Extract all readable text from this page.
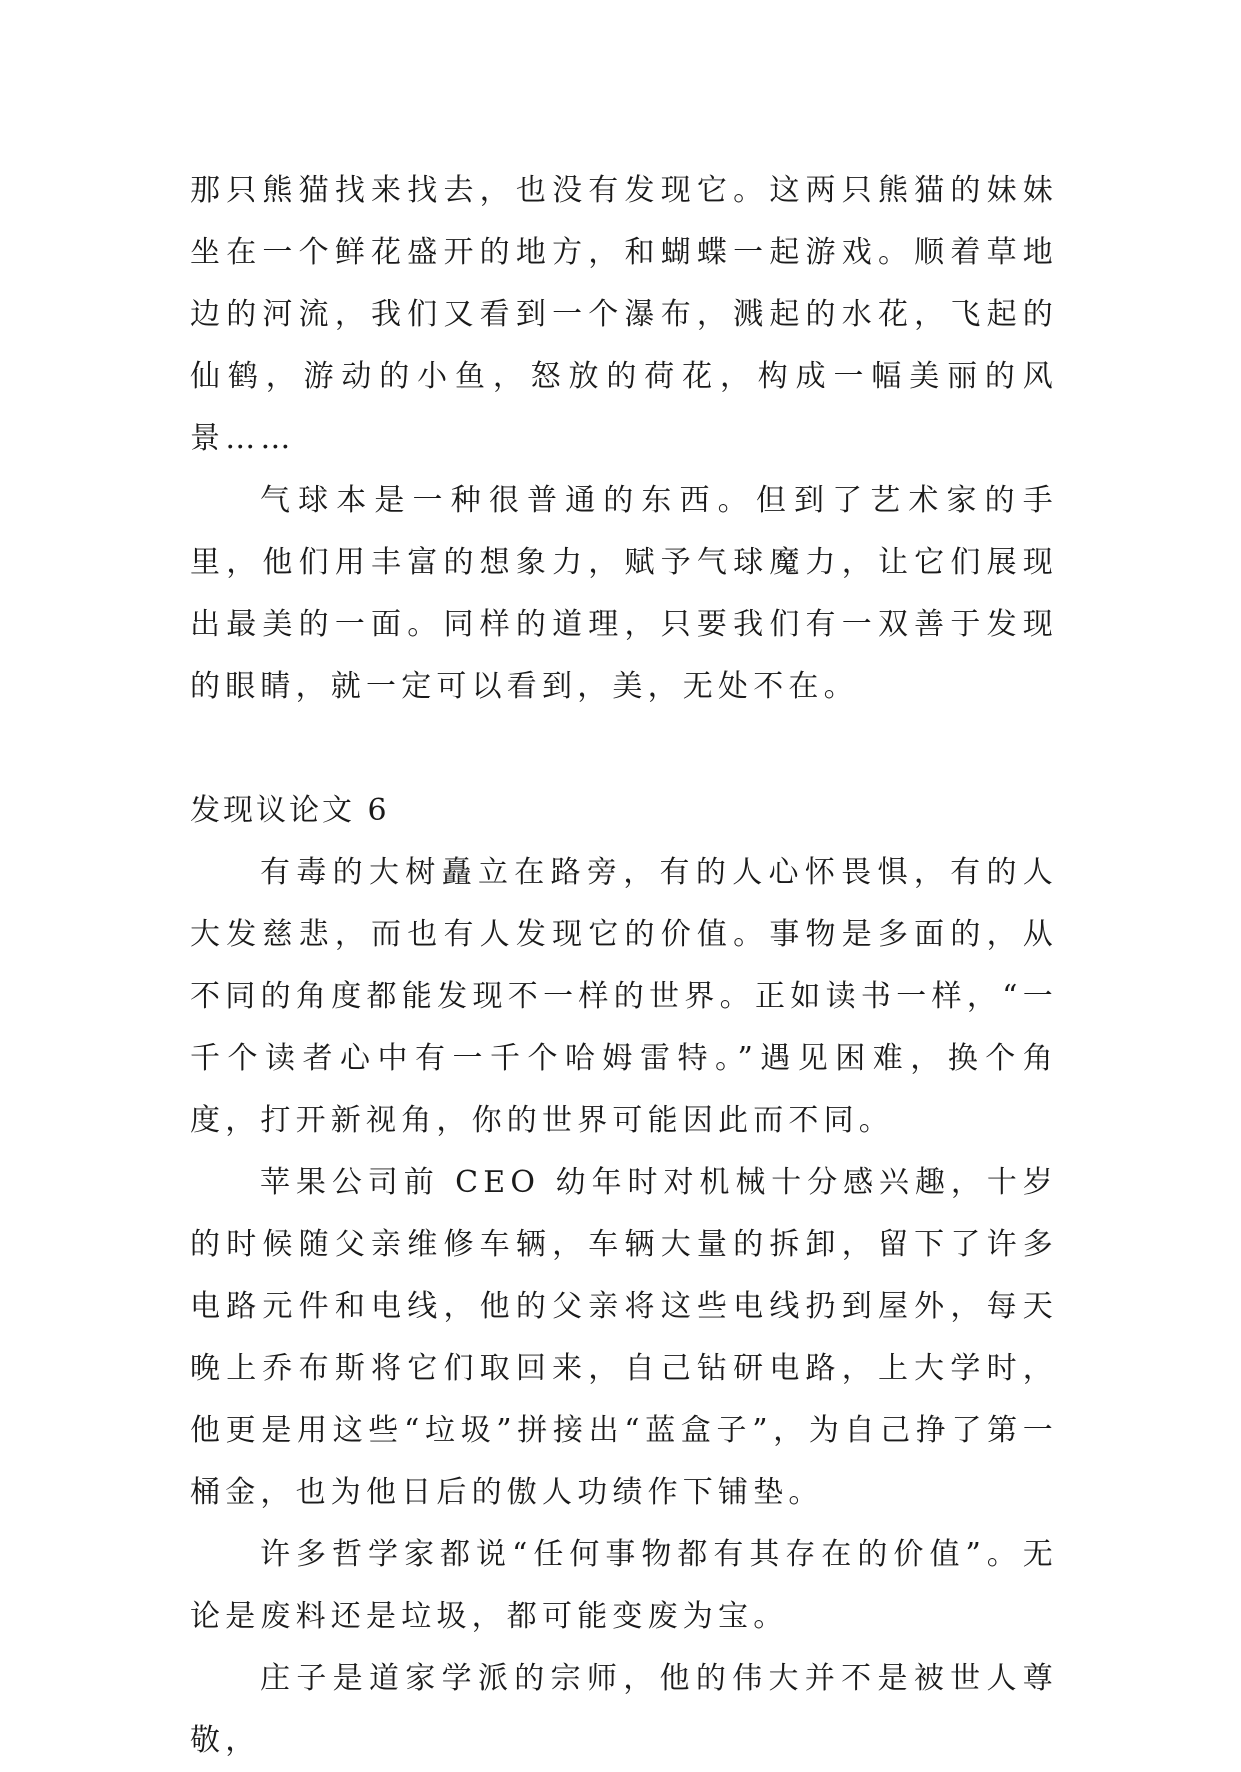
那只熊猫找来找去，也没有发现它。这两只熊猫的妹妹坐在一个鲜花盛开的地方，和蝴蝶一起游戏。顺着草地边的河流，我们又看到一个瀑布，溅起的水花，飞起的仙鹤，游动的小鱼，怒放的荷花，构成一幅美丽的风景……

气球本是一种很普通的东西。但到了艺术家的手里，他们用丰富的想象力，赋予气球魔力，让它们展现出最美的一面。同样的道理，只要我们有一双善于发现的眼睛，就一定可以看到，美，无处不在。

发现议论文 6

有毒的大树矗立在路旁，有的人心怀畏惧，有的人大发慈悲，而也有人发现它的价值。事物是多面的，从不同的角度都能发现不一样的世界。正如读书一样，“一千个读者心中有一千个哈姆雷特。”遇见困难，换个角度，打开新视角，你的世界可能因此而不同。

苹果公司前 CEO 幼年时对机械十分感兴趣，十岁的时候随父亲维修车辆，车辆大量的拆卸，留下了许多电路元件和电线，他的父亲将这些电线扔到屋外，每天晚上乔布斯将它们取回来，自己钻研电路，上大学时，他更是用这些“垃圾”拼接出“蓝盒子”，为自己挣了第一桶金，也为他日后的傲人功绩作下铺垫。

许多哲学家都说“任何事物都有其存在的价值”。无论是废料还是垃圾，都可能变废为宝。

庄子是道家学派的宗师，他的伟大并不是被世人尊敬，
